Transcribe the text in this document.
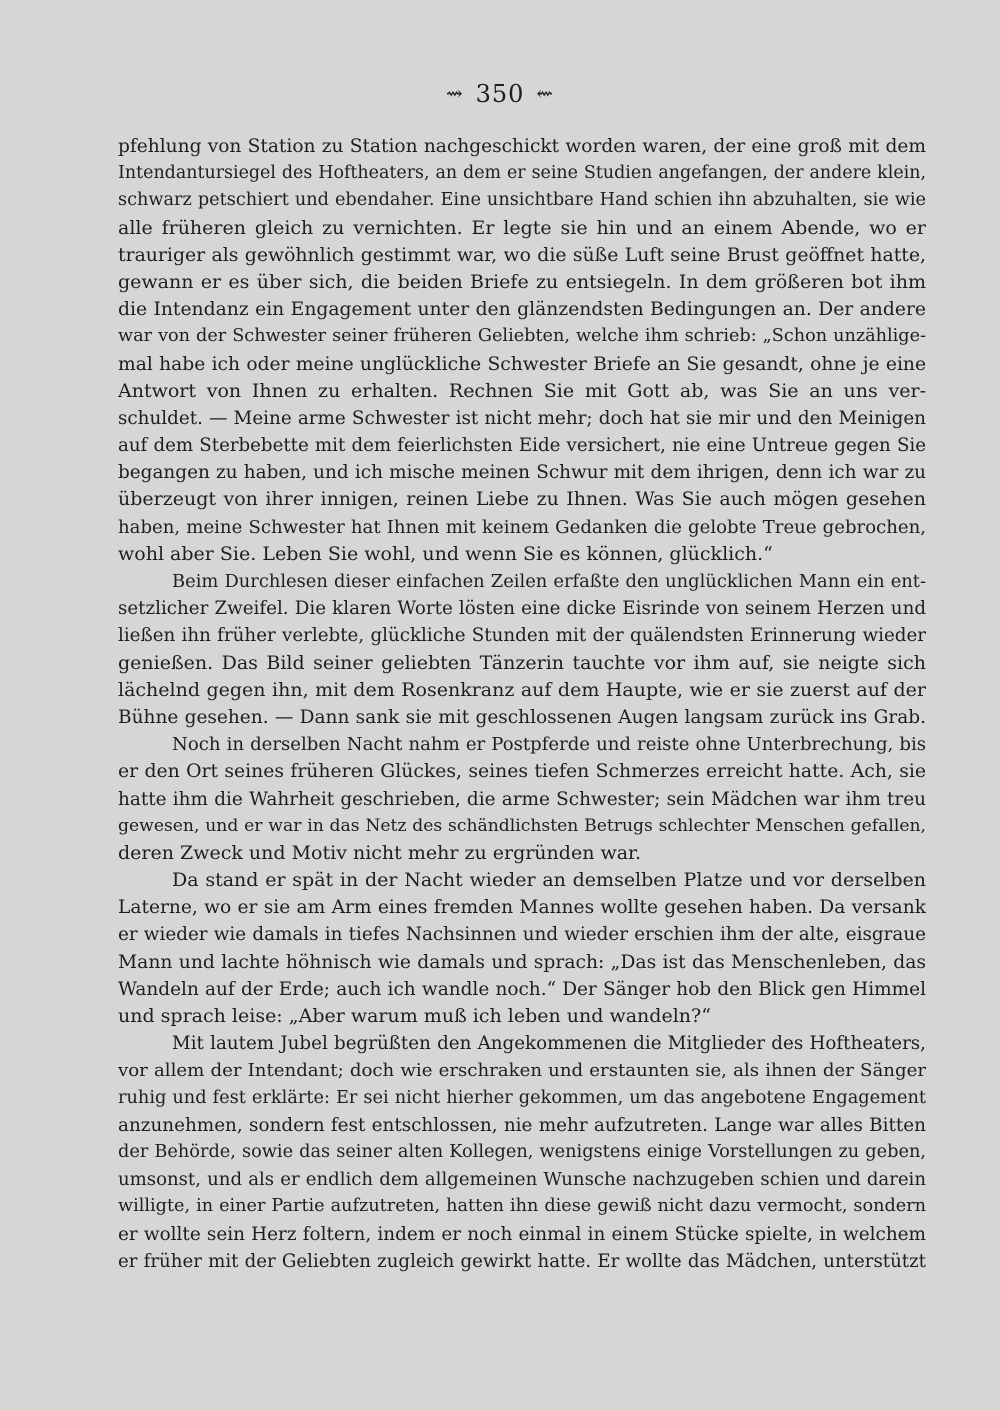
⇝ 350 ⇜
pfehlung von Station zu Station nachgeschickt worden waren, der eine groß mit dem
Intendantursiegel des Hoftheaters, an dem er seine Studien angefangen, der andere klein,
schwarz petschiert und ebendaher. Eine unsichtbare Hand schien ihn abzuhalten, sie wie
alle früheren gleich zu vernichten. Er legte sie hin und an einem Abende, wo er
trauriger als gewöhnlich gestimmt war, wo die süße Luft seine Brust geöffnet hatte,
gewann er es über sich, die beiden Briefe zu entsiegeln. In dem größeren bot ihm
die Intendanz ein Engagement unter den glänzendsten Bedingungen an. Der andere
war von der Schwester seiner früheren Geliebten, welche ihm schrieb: „Schon unzählige-
mal habe ich oder meine unglückliche Schwester Briefe an Sie gesandt, ohne je eine
Antwort von Ihnen zu erhalten. Rechnen Sie mit Gott ab, was Sie an uns ver-
schuldet. — Meine arme Schwester ist nicht mehr; doch hat sie mir und den Meinigen
auf dem Sterbebette mit dem feierlichsten Eide versichert, nie eine Untreue gegen Sie
begangen zu haben, und ich mische meinen Schwur mit dem ihrigen, denn ich war zu
überzeugt von ihrer innigen, reinen Liebe zu Ihnen. Was Sie auch mögen gesehen
haben, meine Schwester hat Ihnen mit keinem Gedanken die gelobte Treue gebrochen,
wohl aber Sie. Leben Sie wohl, und wenn Sie es können, glücklich.“
Beim Durchlesen dieser einfachen Zeilen erfaßte den unglücklichen Mann ein ent-
setzlicher Zweifel. Die klaren Worte lösten eine dicke Eisrinde von seinem Herzen und
ließen ihn früher verlebte, glückliche Stunden mit der quälendsten Erinnerung wieder
genießen. Das Bild seiner geliebten Tänzerin tauchte vor ihm auf, sie neigte sich
lächelnd gegen ihn, mit dem Rosenkranz auf dem Haupte, wie er sie zuerst auf der
Bühne gesehen. — Dann sank sie mit geschlossenen Augen langsam zurück ins Grab.
Noch in derselben Nacht nahm er Postpferde und reiste ohne Unterbrechung, bis
er den Ort seines früheren Glückes, seines tiefen Schmerzes erreicht hatte. Ach, sie
hatte ihm die Wahrheit geschrieben, die arme Schwester; sein Mädchen war ihm treu
gewesen, und er war in das Netz des schändlichsten Betrugs schlechter Menschen gefallen,
deren Zweck und Motiv nicht mehr zu ergründen war.
Da stand er spät in der Nacht wieder an demselben Platze und vor derselben
Laterne, wo er sie am Arm eines fremden Mannes wollte gesehen haben. Da versank
er wieder wie damals in tiefes Nachsinnen und wieder erschien ihm der alte, eisgraue
Mann und lachte höhnisch wie damals und sprach: „Das ist das Menschenleben, das
Wandeln auf der Erde; auch ich wandle noch.“ Der Sänger hob den Blick gen Himmel
und sprach leise: „Aber warum muß ich leben und wandeln?“
Mit lautem Jubel begrüßten den Angekommenen die Mitglieder des Hoftheaters,
vor allem der Intendant; doch wie erschraken und erstaunten sie, als ihnen der Sänger
ruhig und fest erklärte: Er sei nicht hierher gekommen, um das angebotene Engagement
anzunehmen, sondern fest entschlossen, nie mehr aufzutreten. Lange war alles Bitten
der Behörde, sowie das seiner alten Kollegen, wenigstens einige Vorstellungen zu geben,
umsonst, und als er endlich dem allgemeinen Wunsche nachzugeben schien und darein
willigte, in einer Partie aufzutreten, hatten ihn diese gewiß nicht dazu vermocht, sondern
er wollte sein Herz foltern, indem er noch einmal in einem Stücke spielte, in welchem
er früher mit der Geliebten zugleich gewirkt hatte. Er wollte das Mädchen, unterstützt
